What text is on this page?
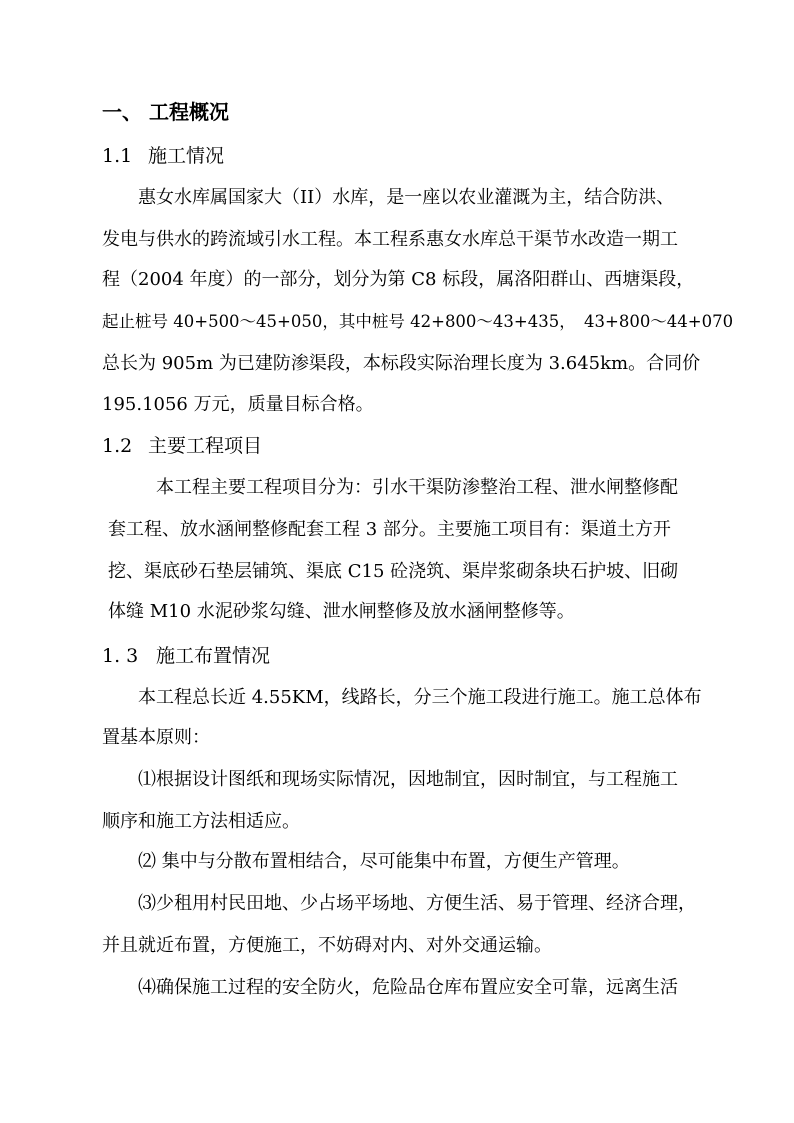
一、 工程概况
1.1 施工情况
惠女水库属国家大（II）水库，是一座以农业灌溉为主，结合防洪、
发电与供水的跨流域引水工程。本工程系惠女水库总干渠节水改造一期工
程（2004 年度）的一部分，划分为第 C8 标段，属洛阳群山、西塘渠段，
起止桩号 40+500～45+050，其中桩号 42+800～43+435，　43+800～44+070
总长为 905m 为已建防渗渠段，本标段实际治理长度为 3.645km。合同价
195.1056 万元，质量目标合格。
1.2 主要工程项目
本工程主要工程项目分为：引水干渠防渗整治工程、泄水闸整修配
套工程、放水涵闸整修配套工程 3 部分。主要施工项目有：渠道土方开
挖、渠底砂石垫层铺筑、渠底 C15 砼浇筑、渠岸浆砌条块石护坡、旧砌
体缝 M10 水泥砂浆勾缝、泄水闸整修及放水涵闸整修等。
1. 3 施工布置情况
本工程总长近 4.55KM，线路长，分三个施工段进行施工。施工总体布
置基本原则：
⑴根据设计图纸和现场实际情况，因地制宜，因时制宜，与工程施工
顺序和施工方法相适应。
⑵ 集中与分散布置相结合，尽可能集中布置，方便生产管理。
⑶少租用村民田地、少占场平场地、方便生活、易于管理、经济合理，
并且就近布置，方便施工，不妨碍对内、对外交通运输。
⑷确保施工过程的安全防火，危险品仓库布置应安全可靠，远离生活
